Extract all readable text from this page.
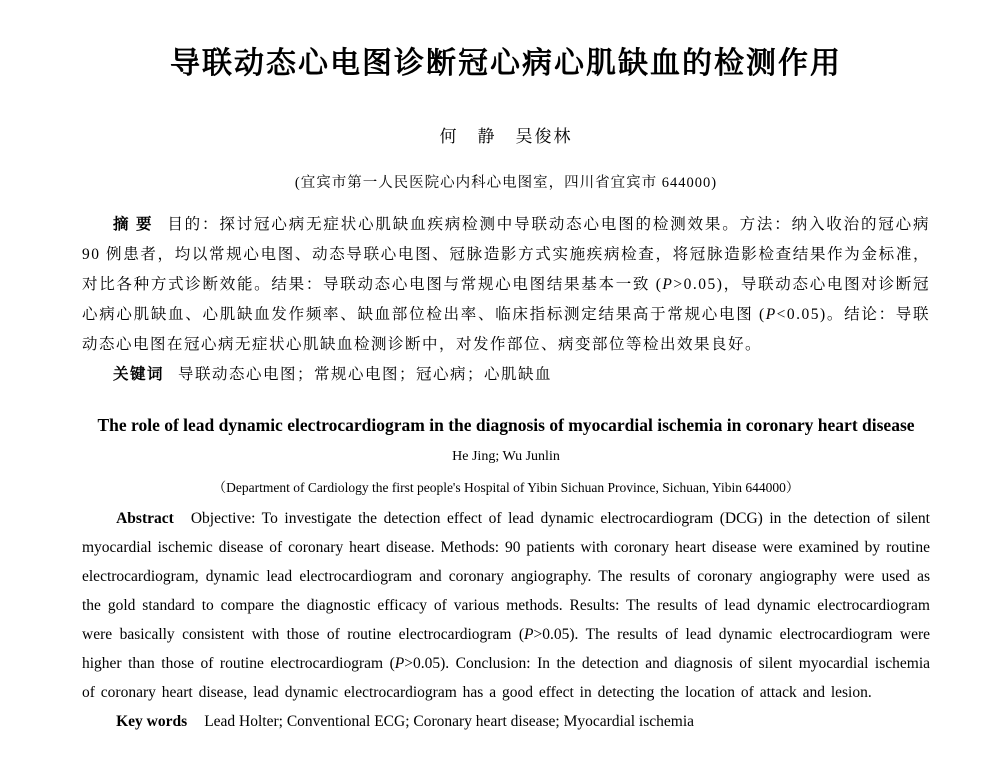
导联动态心电图诊断冠心病心肌缺血的检测作用
何　静　吴俊林
(宜宾市第一人民医院心内科心电图室，四川省宜宾市 644000)

摘 要 目的：探讨冠心病无症状心肌缺血疾病检测中导联动态心电图的检测效果。方法：纳入收治的冠心病 90 例患者，均以常规心电图、动态导联心电图、冠脉造影方式实施疾病检查，将冠脉造影检查结果作为金标准，对比各种方式诊断效能。结果：导联动态心电图与常规心电图结果基本一致 (P>0.05)，导联动态心电图对诊断冠心病心肌缺血、心肌缺血发作频率、缺血部位检出率、临床指标测定结果高于常规心电图 (P<0.05)。结论：导联动态心电图在冠心病无症状心肌缺血检测诊断中，对发作部位、病变部位等检出效果良好。

关键词 导联动态心电图；常规心电图；冠心病；心肌缺血

The role of lead dynamic electrocardiogram in the diagnosis of myocardial ischemia in coronary heart disease
He Jing; Wu Junlin
（Department of Cardiology the first people's Hospital of Yibin Sichuan Province, Sichuan, Yibin 644000）

Abstract Objective: To investigate the detection effect of lead dynamic electrocardiogram (DCG) in the detection of silent myocardial ischemic disease of coronary heart disease. Methods: 90 patients with coronary heart disease were examined by routine electrocardiogram, dynamic lead electrocardiogram and coronary angiography. The results of coronary angiography were used as the gold standard to compare the diagnostic efficacy of various methods. Results: The results of lead dynamic electrocardiogram were basically consistent with those of routine electrocardiogram (P>0.05). The results of lead dynamic electrocardiogram were higher than those of routine electrocardiogram (P>0.05). Conclusion: In the detection and diagnosis of silent myocardial ischemia of coronary heart disease, lead dynamic electrocardiogram has a good effect in detecting the location of attack and lesion.

Key words Lead Holter; Conventional ECG; Coronary heart disease; Myocardial ischemia
